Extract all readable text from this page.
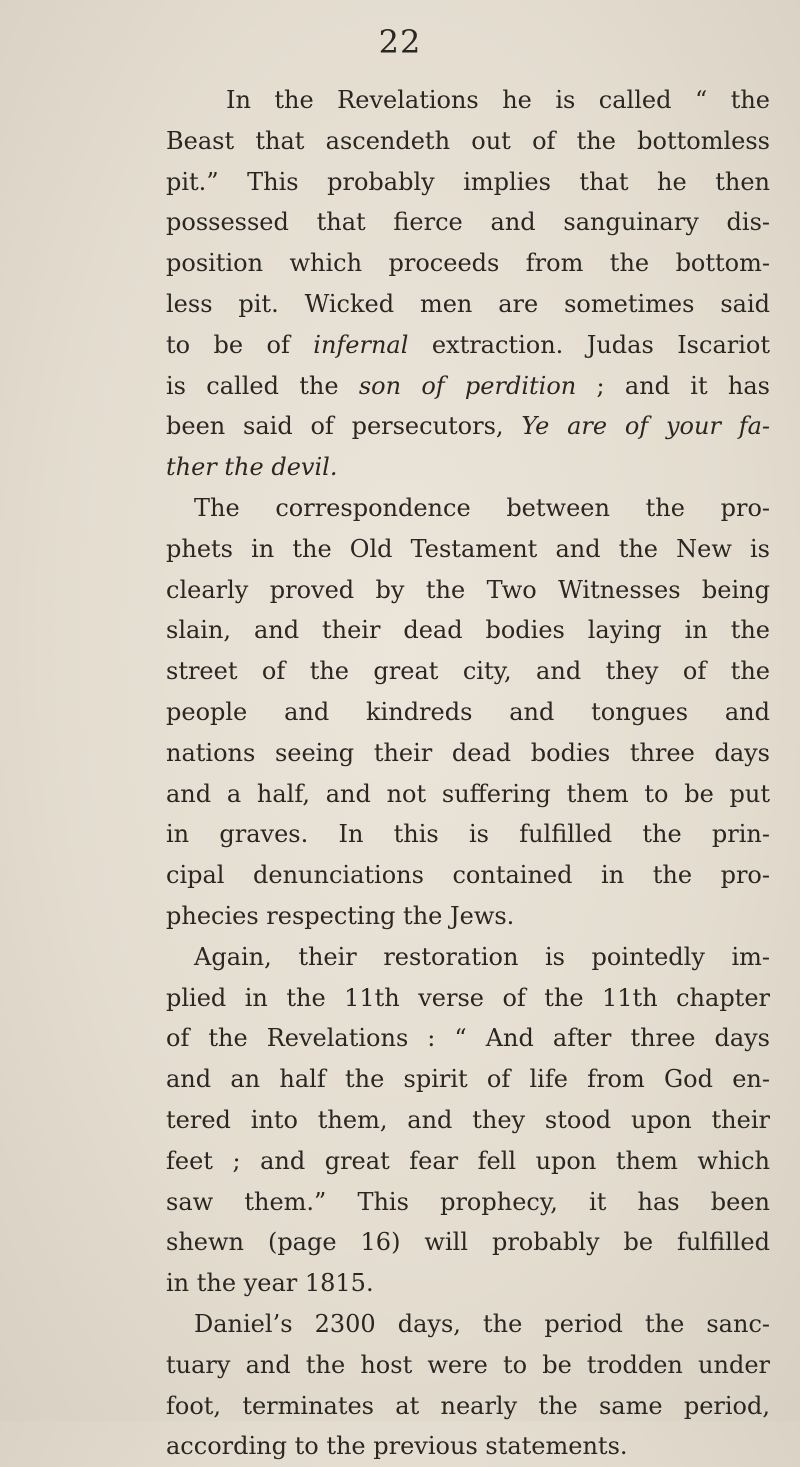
22
In the Revelations he is called “ the
Beast that ascendeth out of the bottomless
pit.” This probably implies that he then
possessed that fierce and sanguinary dis-
position which proceeds from the bottom-
less pit. Wicked men are sometimes said
to be of infernal extraction. Judas Iscariot
is called the son of perdition ; and it has
been said of persecutors, Ye are of your fa-
ther the devil.
The correspondence between the pro-
phets in the Old Testament and the New is
clearly proved by the Two Witnesses being
slain, and their dead bodies laying in the
street of the great city, and they of the
people and kindreds and tongues and
nations seeing their dead bodies three days
and a half, and not suffering them to be put
in graves. In this is fulfilled the prin-
cipal denunciations contained in the pro-
phecies respecting the Jews.
Again, their restoration is pointedly im-
plied in the 11th verse of the 11th chapter
of the Revelations : “ And after three days
and an half the spirit of life from God en-
tered into them, and they stood upon their
feet ; and great fear fell upon them which
saw them.” This prophecy, it has been
shewn (page 16) will probably be fulfilled
in the year 1815.
Daniel’s 2300 days, the period the sanc-
tuary and the host were to be trodden under
foot, terminates at nearly the same period,
according to the previous statements.
